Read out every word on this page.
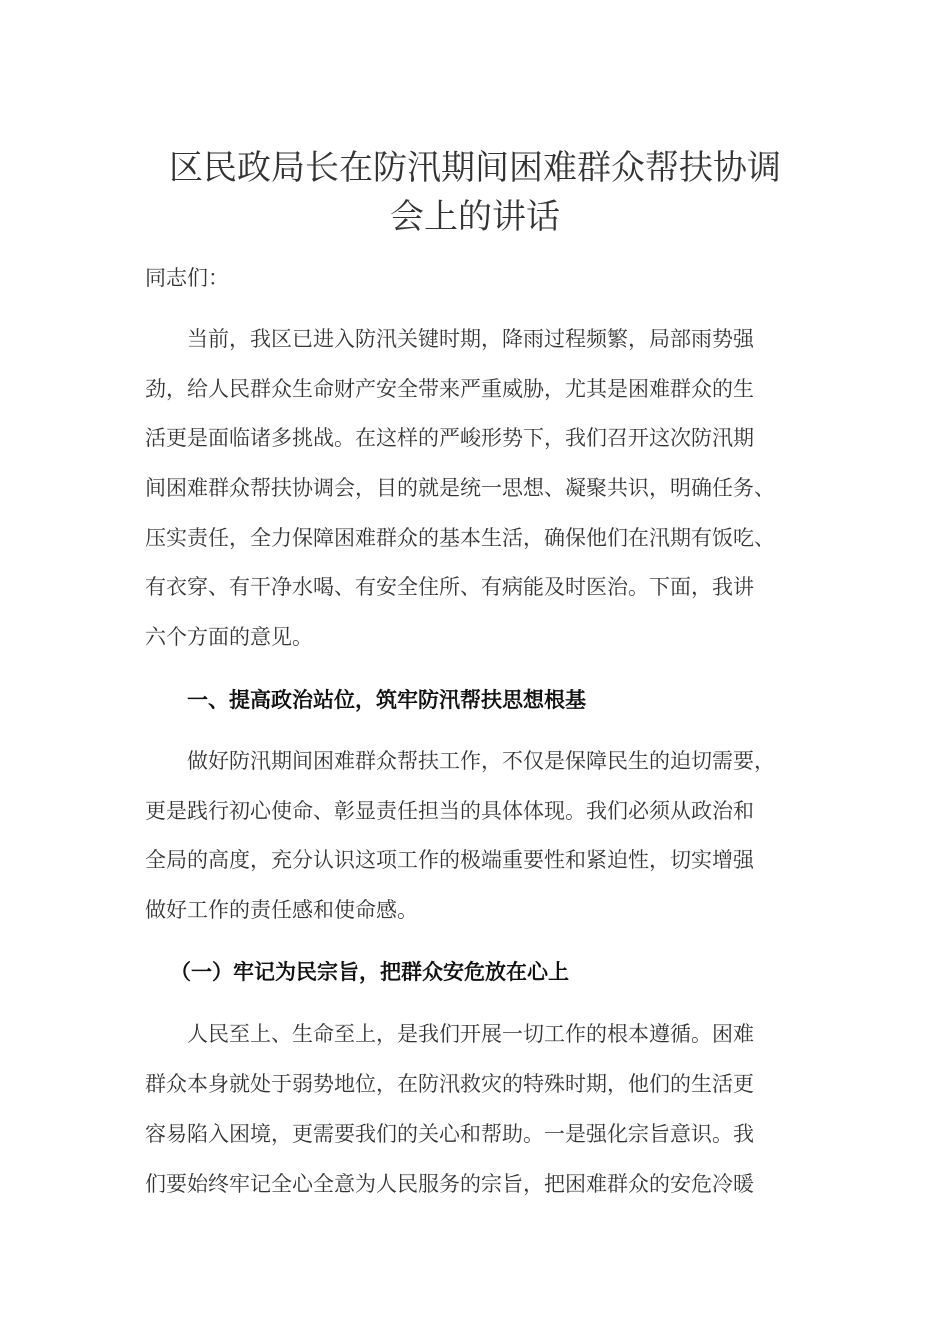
区民政局长在防汛期间困难群众帮扶协调
会上的讲话
同志们：
当前，我区已进入防汛关键时期，降雨过程频繁，局部雨势强
劲，给人民群众生命财产安全带来严重威胁，尤其是困难群众的生
活更是面临诸多挑战。在这样的严峻形势下，我们召开这次防汛期
间困难群众帮扶协调会，目的就是统一思想、凝聚共识，明确任务、
压实责任，全力保障困难群众的基本生活，确保他们在汛期有饭吃、
有衣穿、有干净水喝、有安全住所、有病能及时医治。下面，我讲
六个方面的意见。
一、提高政治站位，筑牢防汛帮扶思想根基
做好防汛期间困难群众帮扶工作，不仅是保障民生的迫切需要，
更是践行初心使命、彰显责任担当的具体体现。我们必须从政治和
全局的高度，充分认识这项工作的极端重要性和紧迫性，切实增强
做好工作的责任感和使命感。
（一）牢记为民宗旨，把群众安危放在心上
人民至上、生命至上，是我们开展一切工作的根本遵循。困难
群众本身就处于弱势地位，在防汛救灾的特殊时期，他们的生活更
容易陷入困境，更需要我们的关心和帮助。一是强化宗旨意识。我
们要始终牢记全心全意为人民服务的宗旨，把困难群众的安危冷暖
